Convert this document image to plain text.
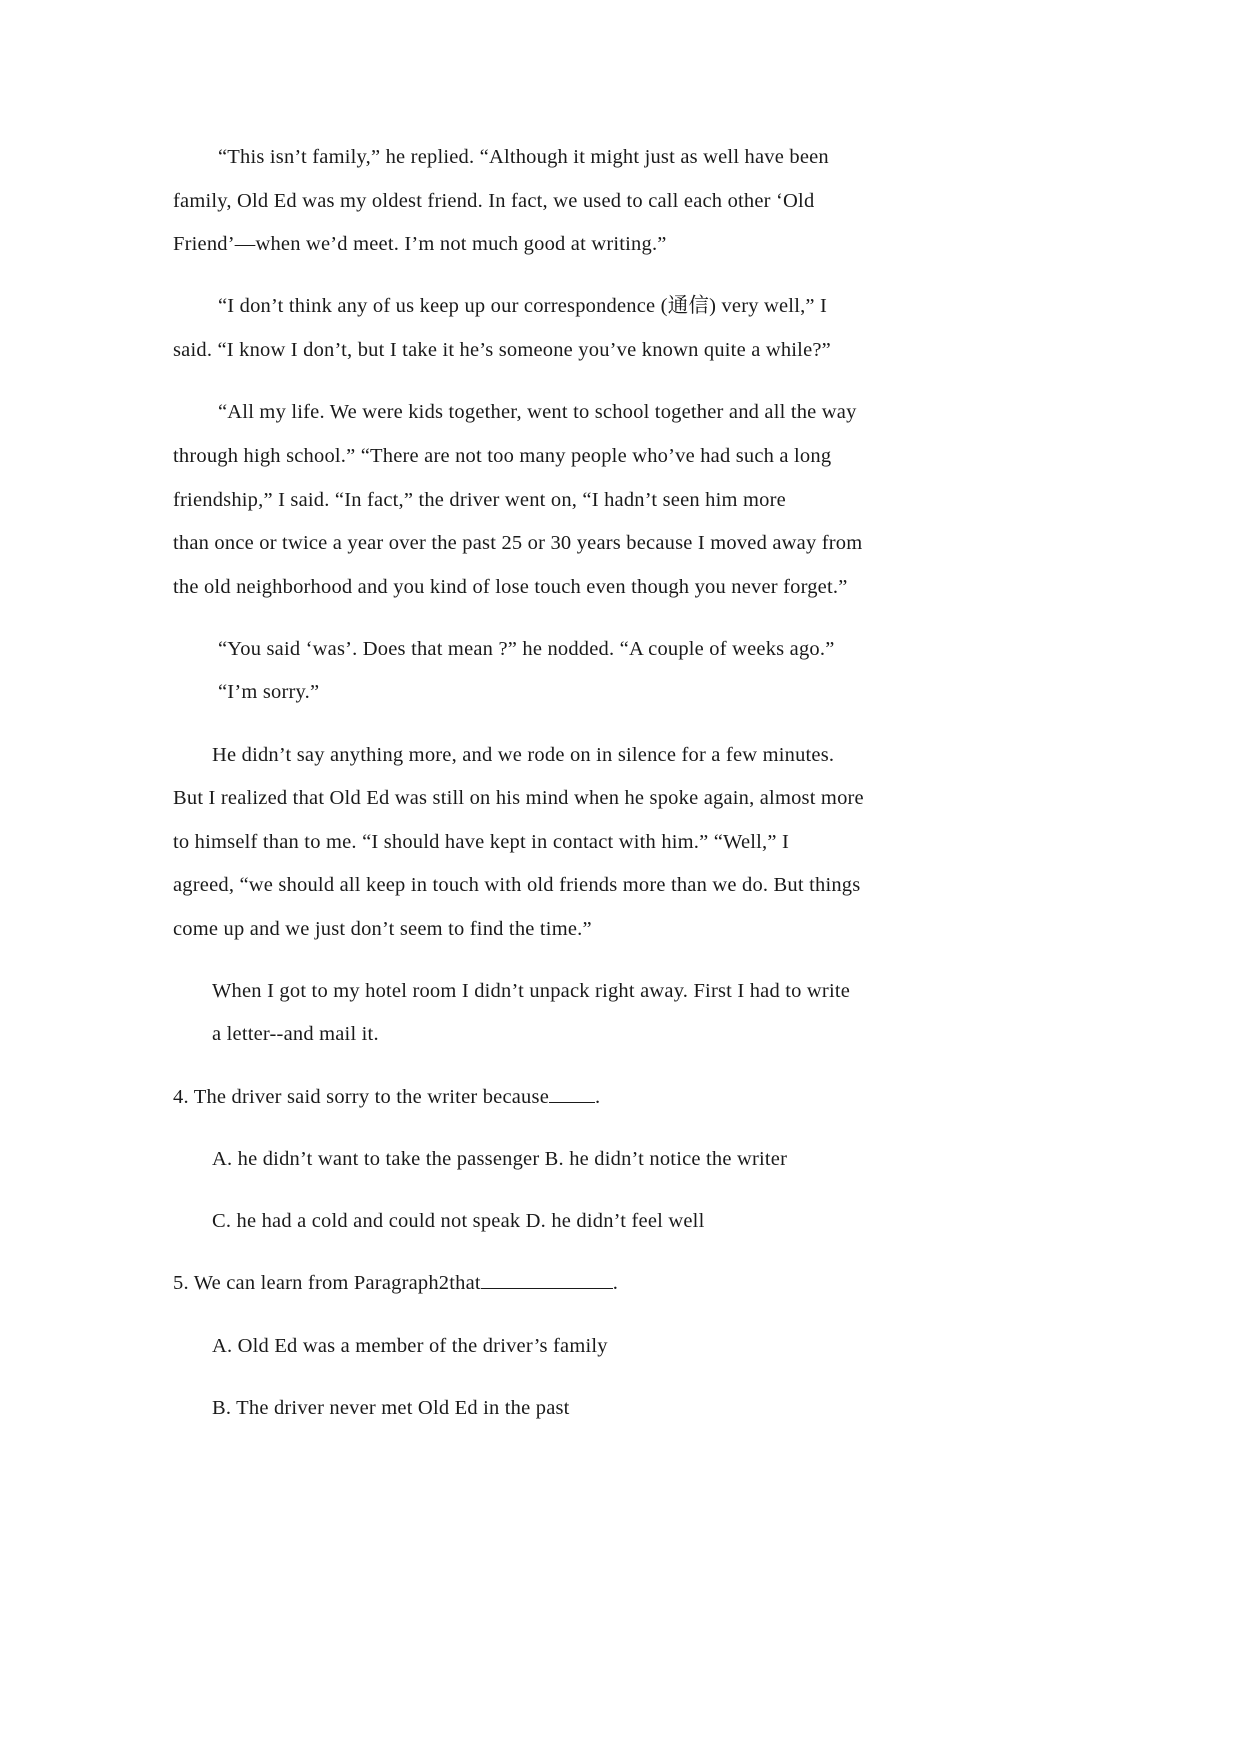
“This isn’t family,” he replied. “Although it might just as well have been
family, Old Ed was my oldest friend. In fact, we used to call each other ‘Old
Friend’—when we’d meet. I’m not much good at writing.”
“I don’t think any of us keep up our correspondence (通信) very well,” I
said. “I know I don’t, but I take it he’s someone you’ve known quite a while?”
“All my life. We were kids together, went to school together and all the way
through high school.” “There are not too many people who’ve had such a long
friendship,” I said. “In fact,” the driver went on, “I hadn’t seen him more
than once or twice a year over the past 25 or 30 years because I moved away from
the old neighborhood and you kind of lose touch even though you never forget.”
“You said ‘was’. Does that mean ?” he nodded. “A couple of weeks ago.”
“I’m sorry.”
He didn’t say anything more, and we rode on in silence for a few minutes.
But I realized that Old Ed was still on his mind when he spoke again, almost more
to himself than to me. “I should have kept in contact with him.” “Well,” I
agreed, “we should all keep in touch with old friends more than we do. But things
come up and we just don’t seem to find the time.”
When I got to my hotel room I didn’t unpack right away. First I had to write
a letter--and mail it.
4. The driver said sorry to the writer because .
A. he didn’t want to take the passenger B. he didn’t notice the writer
C. he had a cold and could not speak D. he didn’t feel well
5. We can learn from Paragraph2that	.
A. Old Ed was a member of the driver’s family
B. The driver never met Old Ed in the past
